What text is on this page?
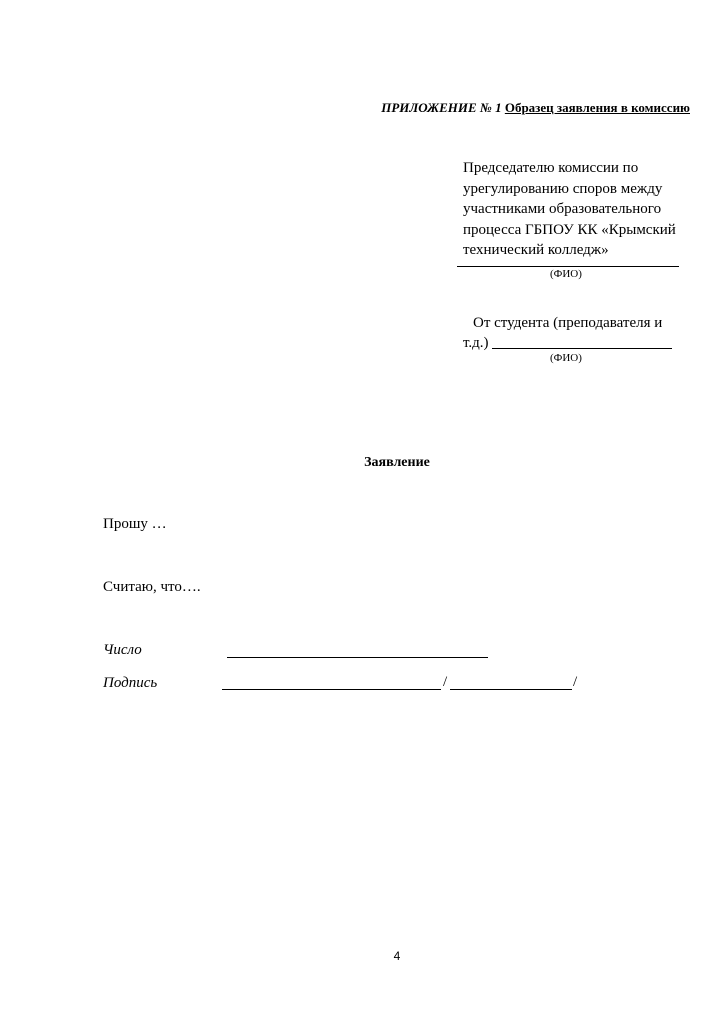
ПРИЛОЖЕНИЕ № 1 Образец заявления в комиссию
Председателю комиссии по урегулированию споров между участниками образовательного процесса ГБПОУ КК «Крымский технический колледж»
(ФИО)
От студента (преподавателя и
т.д.)
(ФИО)
Заявление
Прошу …
Считаю, что….
Число
Подпись	/	/
4
